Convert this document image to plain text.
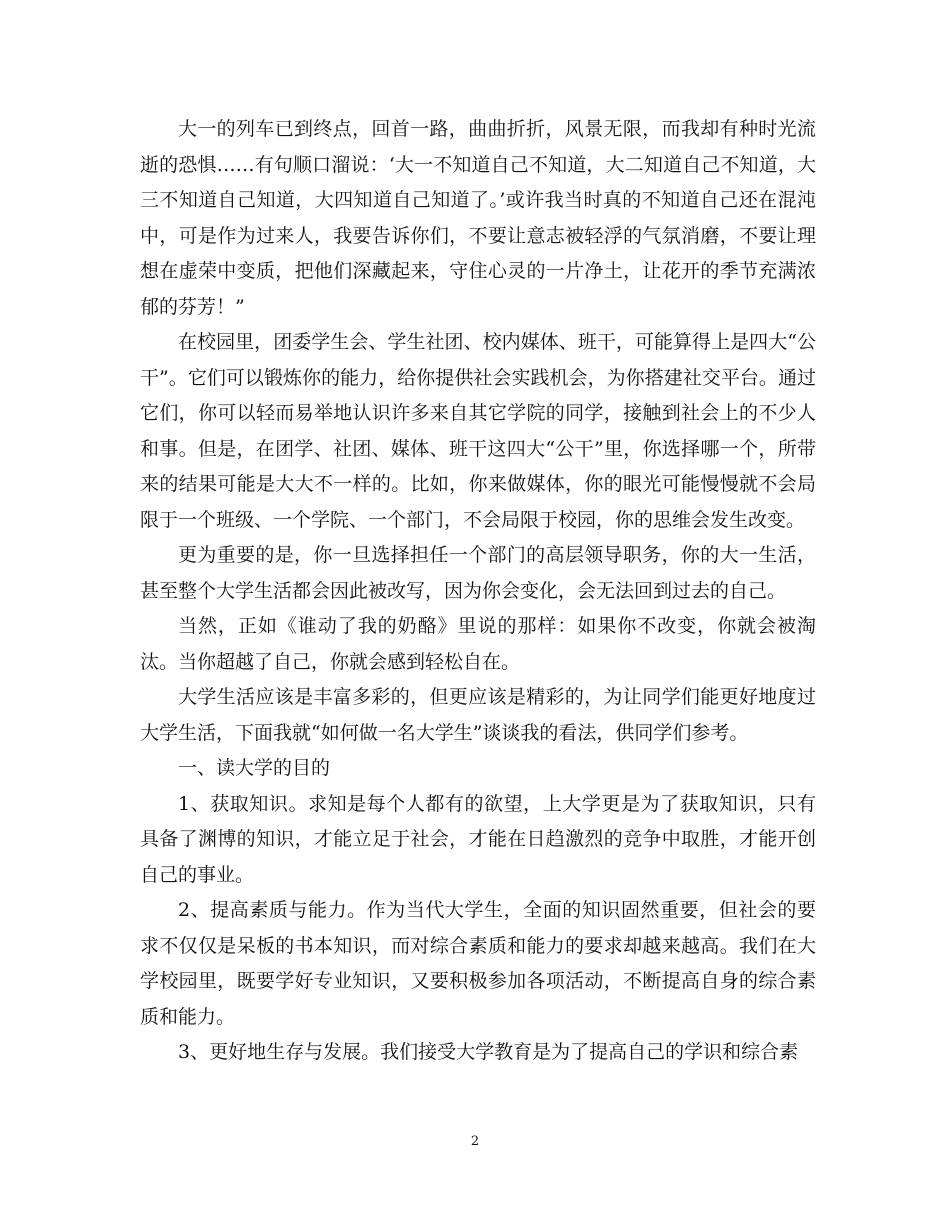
大一的列车已到终点，回首一路，曲曲折折，风景无限，而我却有种时光流逝的恐惧……有句顺口溜说：‘大一不知道自己不知道，大二知道自己不知道，大三不知道自己知道，大四知道自己知道了。’或许我当时真的不知道自己还在混沌中，可是作为过来人，我要告诉你们，不要让意志被轻浮的气氛消磨，不要让理想在虚荣中变质，把他们深藏起来，守住心灵的一片净土，让花开的季节充满浓郁的芬芳！”

在校园里，团委学生会、学生社团、校内媒体、班干，可能算得上是四大“公干”。它们可以锻炼你的能力，给你提供社会实践机会，为你搭建社交平台。通过它们，你可以轻而易举地认识许多来自其它学院的同学，接触到社会上的不少人和事。但是，在团学、社团、媒体、班干这四大“公干”里，你选择哪一个，所带来的结果可能是大大不一样的。比如，你来做媒体，你的眼光可能慢慢就不会局限于一个班级、一个学院、一个部门，不会局限于校园，你的思维会发生改变。

更为重要的是，你一旦选择担任一个部门的高层领导职务，你的大一生活，甚至整个大学生活都会因此被改写，因为你会变化，会无法回到过去的自己。

当然，正如《谁动了我的奶酪》里说的那样：如果你不改变，你就会被淘汰。当你超越了自己，你就会感到轻松自在。

大学生活应该是丰富多彩的，但更应该是精彩的，为让同学们能更好地度过大学生活，下面我就“如何做一名大学生”谈谈我的看法，供同学们参考。

一、读大学的目的

1、获取知识。求知是每个人都有的欲望，上大学更是为了获取知识，只有具备了渊博的知识，才能立足于社会，才能在日趋激烈的竞争中取胜，才能开创自己的事业。

2、提高素质与能力。作为当代大学生，全面的知识固然重要，但社会的要求不仅仅是呆板的书本知识，而对综合素质和能力的要求却越来越高。我们在大学校园里，既要学好专业知识，又要积极参加各项活动，不断提高自身的综合素质和能力。

3、更好地生存与发展。我们接受大学教育是为了提高自己的学识和综合素

2
